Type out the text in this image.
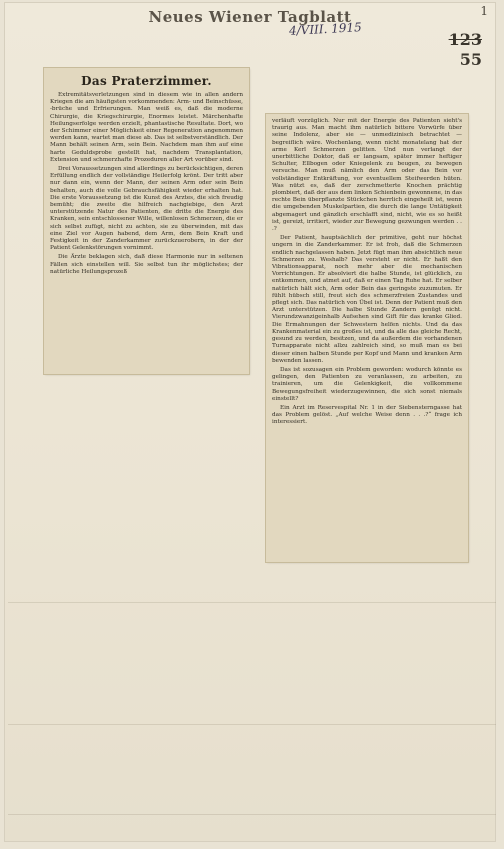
1
Neues Wiener Tagblatt
4/VIII. 1915
123
55
Das Praterzimmer.

Extremitätsverletzungen sind in diesem wie in allen andern Kriegen die am häufigsten vorkommenden: Arm- und Beinschüsse, -brüche und Erfrierungen. Man weiß es, daß die moderne Chirurgie, die Kriegschirurgie, Enormes leistet. Märchenhafte Heilungserfolge werden erzielt, phantastische Resultate. Dort, wo der Schimmer einer Möglichkeit einer Regeneration angenommen werden kann, wartet man diese ab. Das ist selbstverständlich. Der Mann behält seinen Arm, sein Bein. Nachdem man ihm auf eine harte Geduldsprobe gestellt hat, nachdem Transplantation, Extension und schmerzhafte Prozeduren aller Art vorüber sind.

Drei Voraussetzungen sind allerdings zu berücksichtigen, deren Erfüllung endlich der vollständige Heilerfolg krönt. Der tritt aber nur dann ein, wenn der Mann, der seinen Arm oder sein Bein behalten, auch die volle Gebrauchsfähigkeit wieder erhalten hat. Die erste Voraussetzung ist die Kunst des Arztes, die sich freudig bemüht; die zweite die hilfreich nachgiebige, den Arzt unterstützende Natur des Patienten, die dritte die Energie des Kranken, sein entschlossener Wille, willenlosen Schmerzen, die er sich selbst zufügt, nicht zu achten, sie zu überwinden, mit das eine Ziel vor Augen habend, dem Arm, dem Bein Kraft und Festigkeit in der Zanderkammer zurückzuerobern, in der der Patient Gelenkstörungen vornimmt.

Die Ärzte beklagen sich, daß diese Harmonie nur in seltenen Fällen sich einstellen will. Sie selbst tun ihr möglichstes; der natürliche Heilungsprozeß

verläuft vorzüglich. Nur mit der Energie des Patienten sieht's traurig aus. Man macht ihm natürlich bittere Vorwürfe über seine Indolenz, aber sie — unmedizinisch betrachtet — begreiflich wäre. Wochenlang, wenn nicht monatelang hat der arme Kerl Schmerzen gelitten. Und nun verlangt der unerbittliche Doktor, daß er langsam, später immer heftiger Schulter, Ellbogen oder Kniegelenk zu beugen, zu bewegen versuche. Man muß nämlich den Arm oder das Bein vor vollständiger Entkräftung, vor eventuellem Steifwerden hüten. Was nützt es, daß der zerschmetterte Knochen prächtig plombiert, daß der aus dem linken Schienbein gewonnene, in das rechte Bein überpflanzte Stückchen herrlich eingeheilt ist, wenn die umgebenden Muskelpartien, die durch die lange Untätigkeit abgemagert und gänzlich erschlafft sind, nicht, wie es so heißt ist, gereizt, irritiert, wieder zur Bewegung gezwungen werden . . .?

Der Patient, hauptsächlich der primitive, geht nur höchst ungern in die Zanderkammer. Er ist froh, daß die Schmerzen endlich nachgelassen haben. Jetzt fügt man ihm absichtlich neue Schmerzen zu. Weshalb? Das versteht er nicht. Er haßt den Vibrationsapparat, noch mehr aber die mechanischen Vorrichtungen. Er absolviert die halbe Stunde, ist glücklich, zu entkommen, und atmet auf, daß er einen Tag Ruhe hat. Er selber natürlich hält sich, Arm oder Bein das geringste zuzumuten. Er fühlt hübsch still, freut sich des schmerzfreien Zustandes und pflegt sich. Das natürlich von Übel ist. Denn der Patient muß den Arzt unterstützen. Die halbe Stunde Zandern genügt nicht. Vierundzwanzigeinhalb Aufsehen sind Gift für das kranke Glied. Die Ermahnungen der Schwestern helfen nichts. Und da das Krankenmaterial ein zu großes ist, und da alle das gleiche Recht, gesund zu werden, besitzen, und da außerdem die vorhandenen Turnapparate nicht allzu zahlreich sind, so muß man es bei dieser einen halben Stunde per Kopf und Mann und kranken Arm bewenden lassen.

Das ist sozusagen ein Problem geworden: wodurch könnte es gelingen, den Patienten zu veranlassen, zu arbeiten, zu trainieren, um die Gelenkigkeit, die vollkommene Bewegungsfreiheit wiederzugewinnen, die sich sonst niemals einstellt?

Ein Arzt im Reservespital Nr. 1 in der Siebensterngasse hat das Problem gelöst. „Auf welche Weise denn . . .?“ frage ich interessiert.
